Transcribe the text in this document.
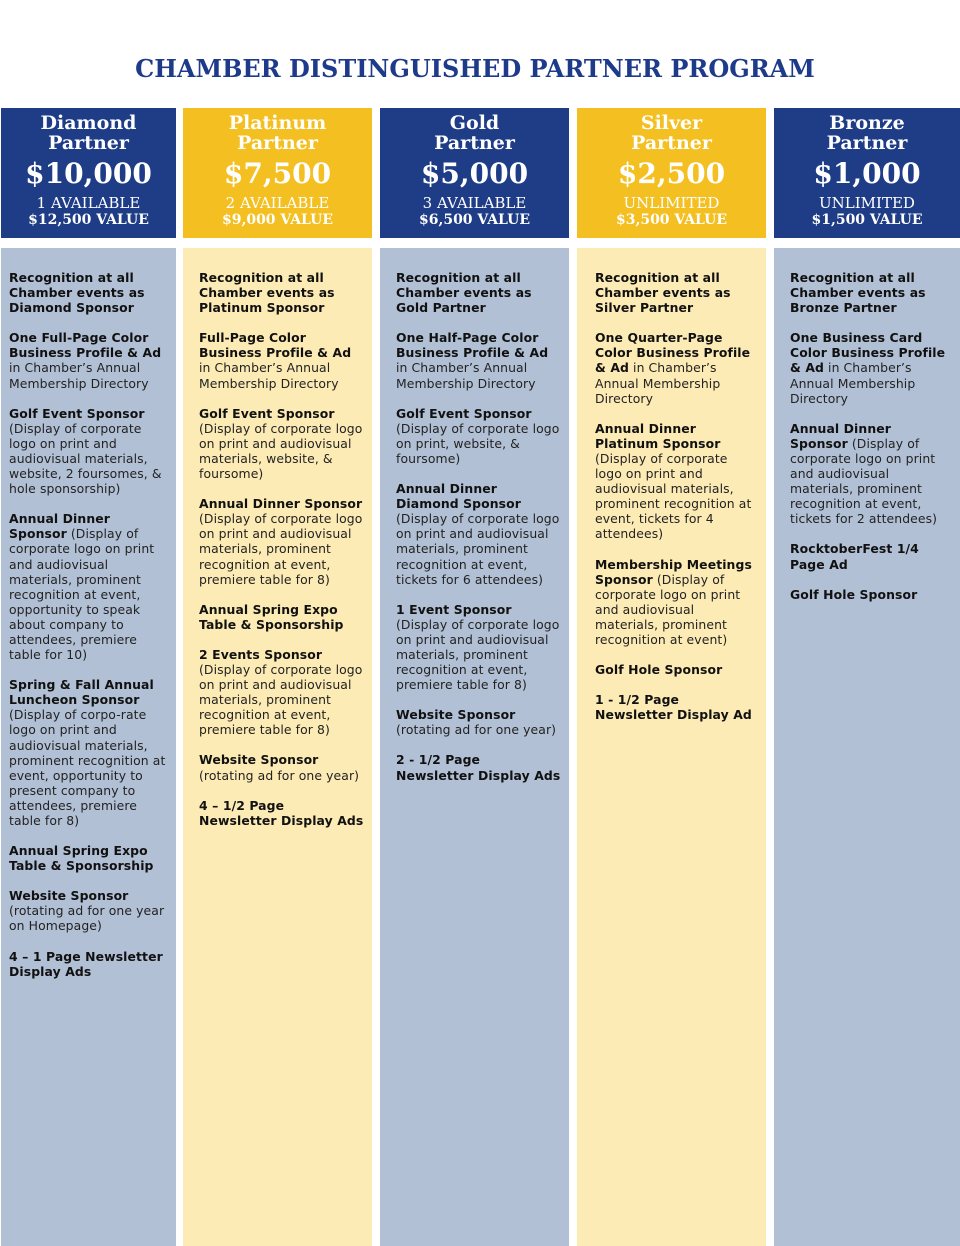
CHAMBER DISTINGUISHED PARTNER PROGRAM
Diamond
Partner
$10,000
1 AVAILABLE
$12,500 VALUE
Recognition at all Chamber events as Diamond Sponsor
One Full-Page Color Business Profile & Ad in Chamber’s Annual Membership Directory
Golf Event Sponsor (Display of corporate logo on print and audiovisual materials, website, 2 foursomes, & hole sponsorship)
Annual Dinner Sponsor (Display of corporate logo on print and audiovisual materials, prominent recognition at event, opportunity to speak about company to attendees, premiere table for 10)
Spring & Fall Annual Luncheon Sponsor (Display of corpo-rate logo on print and audiovisual materials, prominent recognition at event, opportunity to present company to attendees, premiere table for 8)
Annual Spring Expo Table & Sponsorship
Website Sponsor (rotating ad for one year on Homepage)
4 – 1 Page Newsletter Display Ads
Platinum
Partner
$7,500
2 AVAILABLE
$9,000 VALUE
Recognition at all Chamber events as Platinum Sponsor
Full-Page Color Business Profile & Ad in Chamber’s Annual Membership Directory
Golf Event Sponsor (Display of corporate logo on print and audiovisual materials, website, & foursome)
Annual Dinner Sponsor (Display of corporate logo on print and audiovisual materials, prominent recognition at event, premiere table for 8)
Annual Spring Expo Table & Sponsorship
2 Events Sponsor (Display of corporate logo on print and audiovisual materials, prominent recognition at event, premiere table for 8)
Website Sponsor (rotating ad for one year)
4 – 1/2 Page Newsletter Display Ads
Gold
Partner
$5,000
3 AVAILABLE
$6,500 VALUE
Recognition at all Chamber events as Gold Partner
One Half-Page Color Business Profile & Ad in Chamber’s Annual Membership Directory
Golf Event Sponsor (Display of corporate logo on print, website, & foursome)
Annual Dinner Diamond Sponsor (Display of corporate logo on print and audiovisual materials, prominent recognition at event, tickets for 6 attendees)
1 Event Sponsor (Display of corporate logo on print and audiovisual materials, prominent recognition at event, premiere table for 8)
Website Sponsor (rotating ad for one year)
2 - 1/2 Page Newsletter Display Ads
Silver
Partner
$2,500
UNLIMITED
$3,500 VALUE
Recognition at all Chamber events as Silver Partner
One Quarter-Page Color Business Profile & Ad in Chamber’s Annual Membership Directory
Annual Dinner Platinum Sponsor (Display of corporate logo on print and audiovisual materials, prominent recognition at event, tickets for 4 attendees)
Membership Meetings Sponsor (Display of corporate logo on print and audiovisual materials, prominent recognition at event)
Golf Hole Sponsor
1 - 1/2 Page Newsletter Display Ad
Bronze
Partner
$1,000
UNLIMITED
$1,500 VALUE
Recognition at all Chamber events as Bronze Partner
One Business Card Color Business Profile & Ad in Chamber’s Annual Membership Directory
Annual Dinner Sponsor (Display of corporate logo on print and audiovisual materials, prominent recognition at event, tickets for 2 attendees)
RocktoberFest 1/4 Page Ad
Golf Hole Sponsor
